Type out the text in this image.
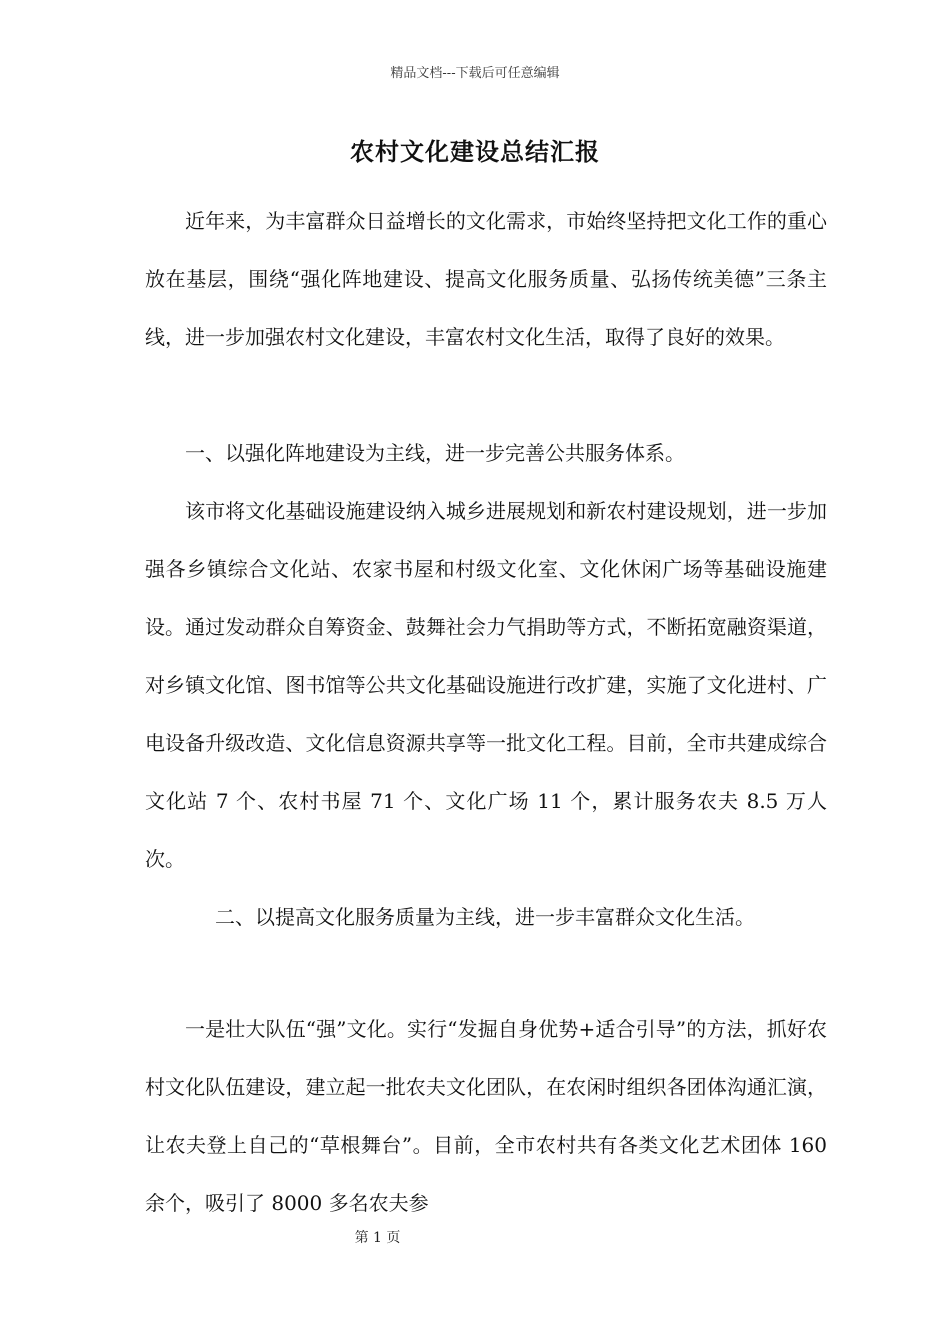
精品文档---下载后可任意编辑
农村文化建设总结汇报

近年来，为丰富群众日益增长的文化需求，市始终坚持把文化工作的重心放在基层，围绕“强化阵地建设、提高文化服务质量、弘扬传统美德”三条主线，进一步加强农村文化建设，丰富农村文化生活，取得了良好的效果。

一、以强化阵地建设为主线，进一步完善公共服务体系。

该市将文化基础设施建设纳入城乡进展规划和新农村建设规划，进一步加强各乡镇综合文化站、农家书屋和村级文化室、文化休闲广场等基础设施建设。通过发动群众自筹资金、鼓舞社会力气捐助等方式，不断拓宽融资渠道，对乡镇文化馆、图书馆等公共文化基础设施进行改扩建，实施了文化进村、广电设备升级改造、文化信息资源共享等一批文化工程。目前，全市共建成综合文化站 7 个、农村书屋 71 个、文化广场 11 个，累计服务农夫 8.5 万人次。

二、以提高文化服务质量为主线，进一步丰富群众文化生活。

一是壮大队伍“强”文化。实行“发掘自身优势+适合引导”的方法，抓好农村文化队伍建设，建立起一批农夫文化团队，在农闲时组织各团体沟通汇演，让农夫登上自己的“草根舞台”。目前，全市农村共有各类文化艺术团体 160 余个，吸引了 8000 多名农夫参

第 1 页
